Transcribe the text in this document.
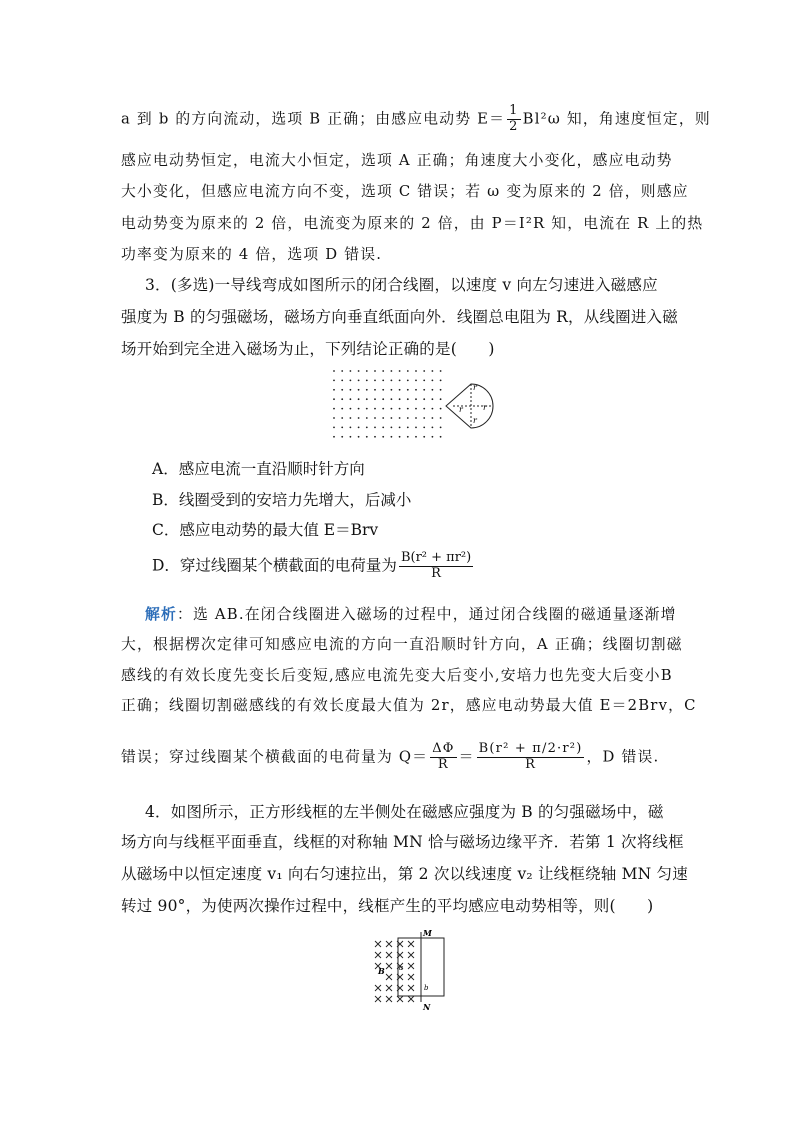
a 到 b 的方向流动，选项 B 正确；由感应电动势 $E= \frac{1}{2} Bl^2\omega$ 知，角速度恒定，则
感应电动势恒定，电流大小恒定，选项 A 正确；角速度大小变化，感应电动势
大小变化，但感应电流方向不变，选项 C 错误；若 ω 变为原来的 2 倍，则感应
电动势变为原来的 2 倍，电流变为原来的 2 倍，由 P＝I²R 知，电流在 R 上的热
功率变为原来的 4 倍，选项 D 错误.
3．(多选)一导线弯成如图所示的闭合线圈，以速度 v 向左匀速进入磁感应
强度为 B 的匀强磁场，磁场方向垂直纸面向外．线圈总电阻为 R，从线圈进入磁
场开始到完全进入磁场为止，下列结论正确的是(　　)
r
r	r
r
A．感应电流一直沿顺时针方向
B．线圈受到的安培力先增大，后减小
C．感应电动势的最大值 E＝Brv
D．穿过线圈某个横截面的电荷量为 $\frac{\text{B(r² + πr²)}}{R}$
解析：选 AB.在闭合线圈进入磁场的过程中，通过闭合线圈的磁通量逐渐增
大，根据楞次定律可知感应电流的方向一直沿顺时针方向，A 正确；线圈切割磁
感线的有效长度先变长后变短,感应电流先变大后变小,安培力也先变大后变小B
正确；线圈切割磁感线的有效长度最大值为 2r，感应电动势最大值 E＝2Brv，C
错误；穿过线圈某个横截面的电荷量为 $Q= \frac{\Delta\Phi}{R} = \frac{\text{B(r² + π/2·r²)}}{R}$ ，D 错误.
4．如图所示，正方形线框的左半侧处在磁感应强度为 B 的匀强磁场中，磁
场方向与线框平面垂直，线框的对称轴 MN 恰与磁场边缘平齐．若第 1 次将线框
从磁场中以恒定速度 v₁ 向右匀速拉出，第 2 次以线速度 v₂ 让线框绕轴 MN 匀速
转过 90°，为使两次操作过程中，线框产生的平均感应电动势相等，则(　　)
M
N
B a
b
